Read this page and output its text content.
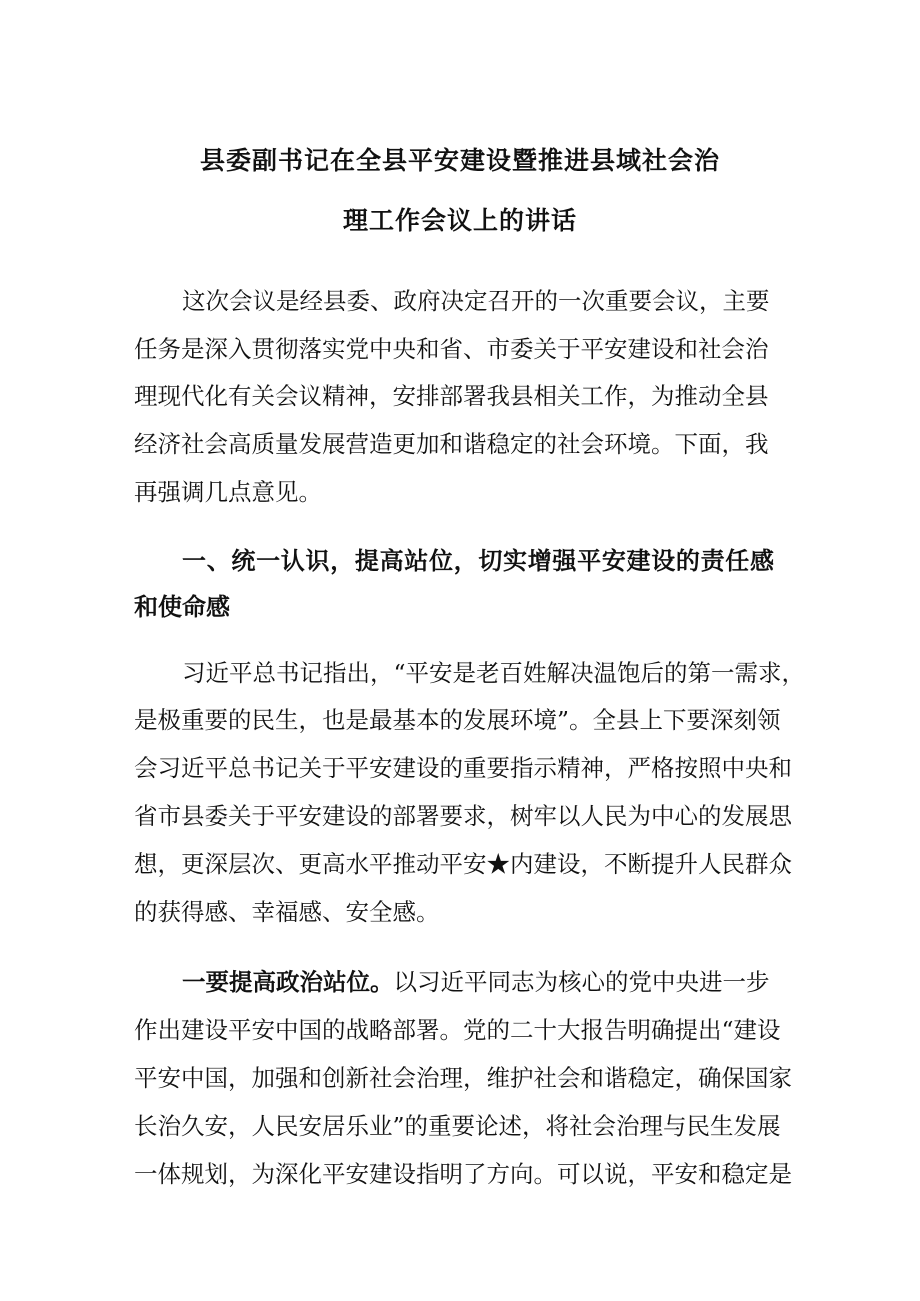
县委副书记在全县平安建设暨推进县域社会治
理工作会议上的讲话
这次会议是经县委、政府决定召开的一次重要会议，主要
任务是深入贯彻落实党中央和省、市委关于平安建设和社会治
理现代化有关会议精神，安排部署我县相关工作，为推动全县
经济社会高质量发展营造更加和谐稳定的社会环境。下面，我
再强调几点意见。
一、统一认识，提高站位，切实增强平安建设的责任感
和使命感
习近平总书记指出，“平安是老百姓解决温饱后的第一需求，
是极重要的民生，也是最基本的发展环境”。全县上下要深刻领
会习近平总书记关于平安建设的重要指示精神，严格按照中央和
省市县委关于平安建设的部署要求，树牢以人民为中心的发展思
想，更深层次、更高水平推动平安★内建设，不断提升人民群众
的获得感、幸福感、安全感。
一要提高政治站位。以习近平同志为核心的党中央进一步
作出建设平安中国的战略部署。党的二十大报告明确提出“建设
平安中国，加强和创新社会治理，维护社会和谐稳定，确保国家
长治久安，人民安居乐业”的重要论述，将社会治理与民生发展
一体规划，为深化平安建设指明了方向。可以说，平安和稳定是
